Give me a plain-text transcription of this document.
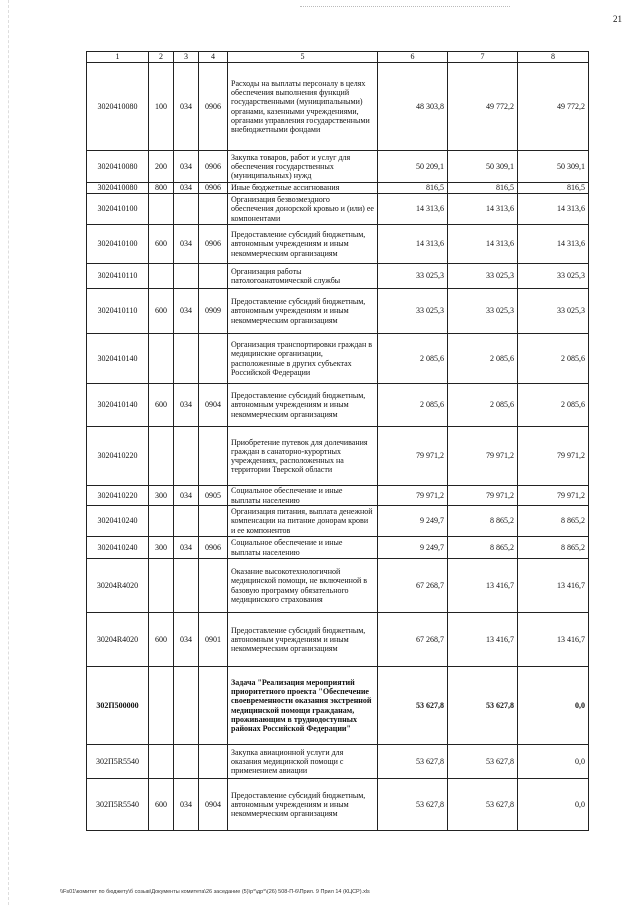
21
1	2	3	4	5	6	7	8
3020410080	100	034	0906	Расходы на выплаты персоналу в целях обеспечения выполнения функций государственными (муниципальными) органами, казенными учреждениями, органами управления государственными внебюджетными фондами	48 303,8	49 772,2	49 772,2
3020410080	200	034	0906	Закупка товаров, работ и услуг для обеспечения государственных (муниципальных) нужд	50 209,1	50 309,1	50 309,1
3020410080	800	034	0906	Иные бюджетные ассигнования	816,5	816,5	816,5
3020410100				Организация безвозмездного обеспечения донорской кровью и (или) ее компонентами	14 313,6	14 313,6	14 313,6
3020410100	600	034	0906	Предоставление субсидий бюджетным, автономным учреждениям и иным некоммерческим организациям	14 313,6	14 313,6	14 313,6
3020410110				Организация работы патологоанатомической службы	33 025,3	33 025,3	33 025,3
3020410110	600	034	0909	Предоставление субсидий бюджетным, автономным учреждениям и иным некоммерческим организациям	33 025,3	33 025,3	33 025,3
3020410140				Организация транспортировки граждан в медицинские организации, расположенные в других субъектах Российской Федерации	2 085,6	2 085,6	2 085,6
3020410140	600	034	0904	Предоставление субсидий бюджетным, автономным учреждениям и иным некоммерческим организациям	2 085,6	2 085,6	2 085,6
3020410220				Приобретение путевок для долечивания граждан в санаторно-курортных учреждениях, расположенных на территории Тверской области	79 971,2	79 971,2	79 971,2
3020410220	300	034	0905	Социальное обеспечение и иные выплаты населению	79 971,2	79 971,2	79 971,2
3020410240				Организация питания, выплата денежной компенсации на питание донорам крови и ее компонентов	9 249,7	8 865,2	8 865,2
3020410240	300	034	0906	Социальное обеспечение и иные выплаты населению	9 249,7	8 865,2	8 865,2
30204R4020				Оказание высокотехнологичной медицинской помощи, не включенной в базовую программу обязательного медицинского страхования	67 268,7	13 416,7	13 416,7
30204R4020	600	034	0901	Предоставление субсидий бюджетным, автономным учреждениям и иным некоммерческим организациям	67 268,7	13 416,7	13 416,7
302П500000				Задача "Реализация мероприятий приоритетного проекта "Обеспечение своевременности оказания экстренной медицинской помощи гражданам, проживающим в труднодоступных районах Российской Федерации"	53 627,8	53 627,8	0,0
302П5R5540				Закупка авиационной услуги для оказания медицинской помощи с применением авиации	53 627,8	53 627,8	0,0
302П5R5540	600	034	0904	Предоставление субсидий бюджетным, автономным учреждениям и иным некоммерческим организациям	53 627,8	53 627,8	0,0
\\Fs01\комитет по бюджету\б созыв\Документы комитета\26 заседание (5)\р°\др°\(26) 508-П-6\Прил. 9 Прил 14 (КЦСР).xls
